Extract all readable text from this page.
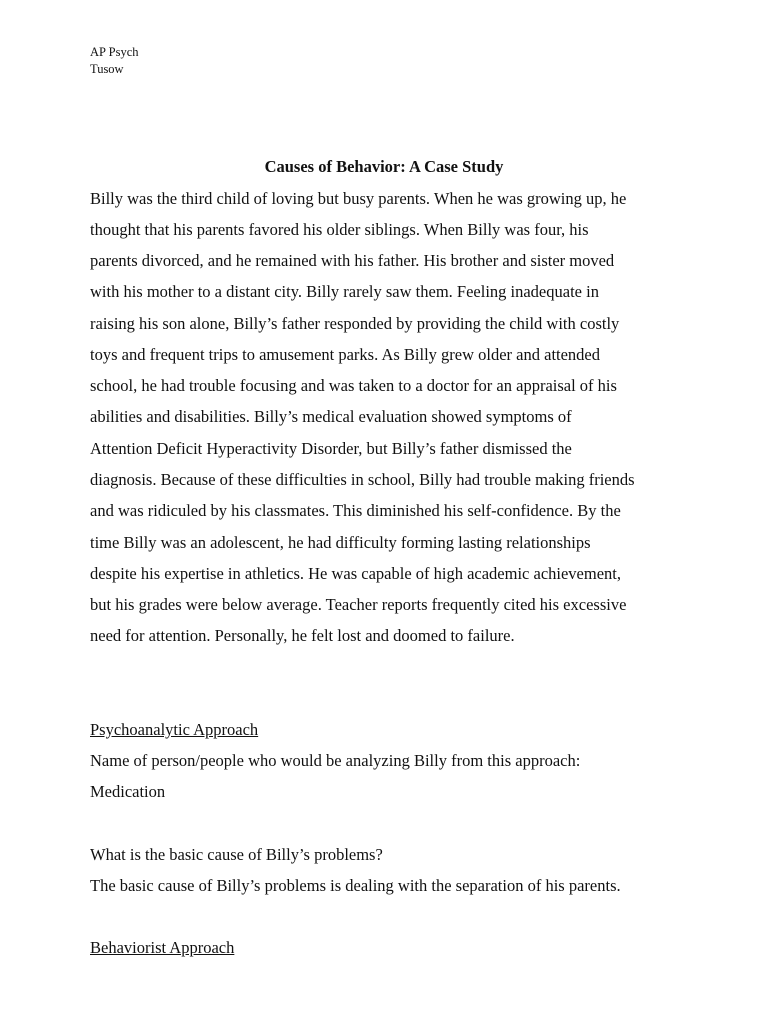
AP Psych
Tusow
Causes of Behavior: A Case Study
Billy was the third child of loving but busy parents. When he was growing up, he
thought that his parents favored his older siblings. When Billy was four, his
parents divorced, and he remained with his father. His brother and sister moved
with his mother to a distant city. Billy rarely saw them. Feeling inadequate in
raising his son alone, Billy’s father responded by providing the child with costly
toys and frequent trips to amusement parks. As Billy grew older and attended
school, he had trouble focusing and was taken to a doctor for an appraisal of his
abilities and disabilities. Billy’s medical evaluation showed symptoms of
Attention Deficit Hyperactivity Disorder, but Billy’s father dismissed the
diagnosis. Because of these difficulties in school, Billy had trouble making friends
and was ridiculed by his classmates. This diminished his self-confidence. By the
time Billy was an adolescent, he had difficulty forming lasting relationships
despite his expertise in athletics. He was capable of high academic achievement,
but his grades were below average. Teacher reports frequently cited his excessive
need for attention. Personally, he felt lost and doomed to failure.
Psychoanalytic Approach
Name of person/people who would be analyzing Billy from this approach:
Medication
What is the basic cause of Billy’s problems?
The basic cause of Billy’s problems is dealing with the separation of his parents.
Behaviorist Approach
